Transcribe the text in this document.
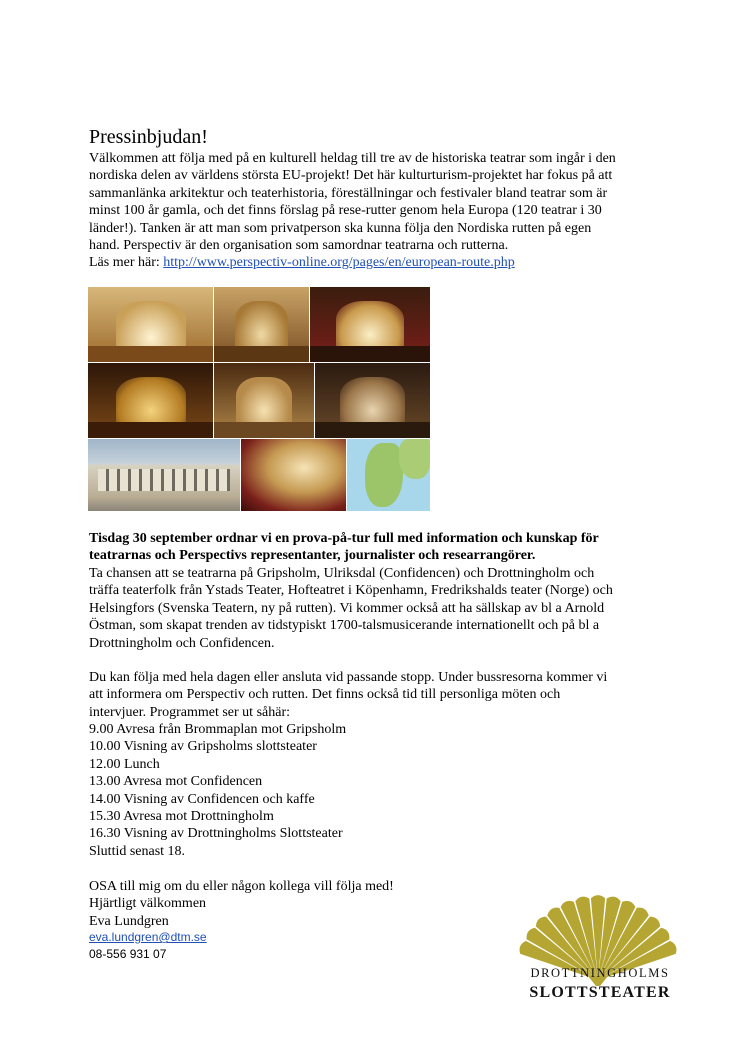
Pressinbjudan!
Välkommen att följa med på en kulturell heldag till tre av de historiska teatrar som ingår i den
nordiska delen av världens största EU-projekt! Det här kulturturism-projektet har fokus på att
sammanlänka arkitektur och teaterhistoria, föreställningar och festivaler bland teatrar som är
minst 100 år gamla, och det finns förslag på rese-rutter genom hela Europa (120 teatrar i 30
länder!). Tanken är att man som privatperson ska kunna följa den Nordiska rutten på egen
hand. Perspectiv är den organisation som samordnar teatrarna och rutterna.
Läs mer här: http://www.perspectiv-online.org/pages/en/european-route.php
Tisdag 30 september ordnar vi en prova-på-tur full med information och kunskap för
teatrarnas och Perspectivs representanter, journalister och researrangörer.
Ta chansen att se teatrarna på Gripsholm, Ulriksdal (Confidencen) och Drottningholm och
träffa teaterfolk från Ystads Teater, Hofteatret i Köpenhamn, Fredrikshalds teater (Norge) och
Helsingfors (Svenska Teatern, ny på rutten). Vi kommer också att ha sällskap av bl a Arnold
Östman, som skapat trenden av tidstypiskt 1700-talsmusicerande internationellt och på bl a
Drottningholm och Confidencen.
Du kan följa med hela dagen eller ansluta vid passande stopp. Under bussresorna kommer vi
att informera om Perspectiv och rutten. Det finns också tid till personliga möten och
intervjuer. Programmet ser ut såhär:
9.00 Avresa från Brommaplan mot Gripsholm
10.00 Visning av Gripsholms slottsteater
12.00 Lunch
13.00 Avresa mot Confidencen
14.00 Visning av Confidencen och kaffe
15.30 Avresa mot Drottningholm
16.30 Visning av Drottningholms Slottsteater
Sluttid senast 18.
OSA till mig om du eller någon kollega vill följa med!
Hjärtligt välkommen
Eva Lundgren
eva.lundgren@dtm.se
08-556 931 07
DROTTNINGHOLMS
SLOTTSTEATER
